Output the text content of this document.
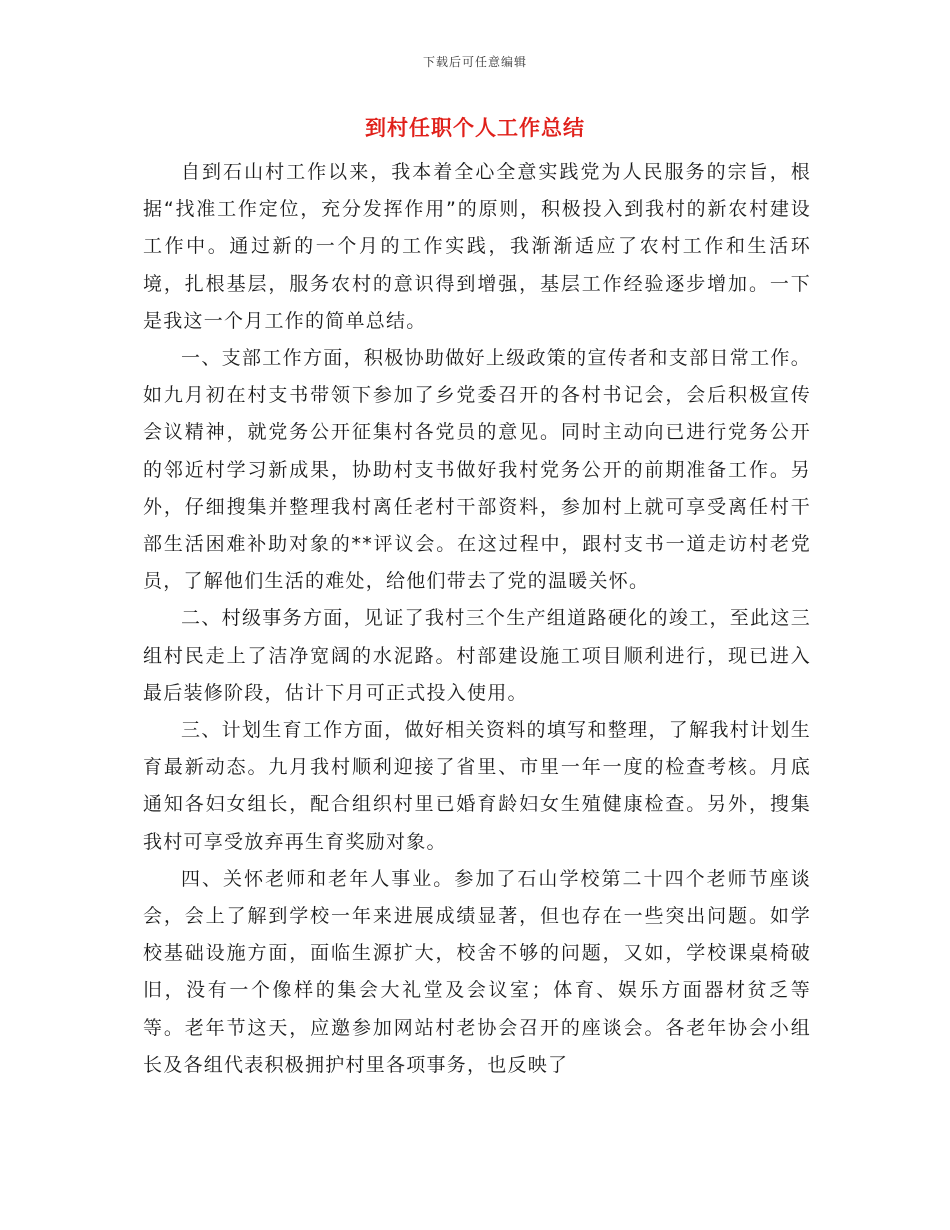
下载后可任意编辑
到村任职个人工作总结

自到石山村工作以来，我本着全心全意实践党为人民服务的宗旨，根据“找准工作定位，充分发挥作用”的原则，积极投入到我村的新农村建设工作中。通过新的一个月的工作实践，我渐渐适应了农村工作和生活环境，扎根基层，服务农村的意识得到增强，基层工作经验逐步增加。一下是我这一个月工作的简单总结。

一、支部工作方面，积极协助做好上级政策的宣传者和支部日常工作。如九月初在村支书带领下参加了乡党委召开的各村书记会，会后积极宣传会议精神，就党务公开征集村各党员的意见。同时主动向已进行党务公开的邻近村学习新成果，协助村支书做好我村党务公开的前期准备工作。另外，仔细搜集并整理我村离任老村干部资料，参加村上就可享受离任村干部生活困难补助对象的**评议会。在这过程中，跟村支书一道走访村老党员，了解他们生活的难处，给他们带去了党的温暖关怀。

二、村级事务方面，见证了我村三个生产组道路硬化的竣工，至此这三组村民走上了洁净宽阔的水泥路。村部建设施工项目顺利进行，现已进入最后装修阶段，估计下月可正式投入使用。

三、计划生育工作方面，做好相关资料的填写和整理，了解我村计划生育最新动态。九月我村顺利迎接了省里、市里一年一度的检查考核。月底通知各妇女组长，配合组织村里已婚育龄妇女生殖健康检查。另外，搜集我村可享受放弃再生育奖励对象。

四、关怀老师和老年人事业。参加了石山学校第二十四个老师节座谈会，会上了解到学校一年来进展成绩显著，但也存在一些突出问题。如学校基础设施方面，面临生源扩大，校舍不够的问题，又如，学校课桌椅破旧，没有一个像样的集会大礼堂及会议室；体育、娱乐方面器材贫乏等等。老年节这天，应邀参加网站村老协会召开的座谈会。各老年协会小组长及各组代表积极拥护村里各项事务，也反映了
